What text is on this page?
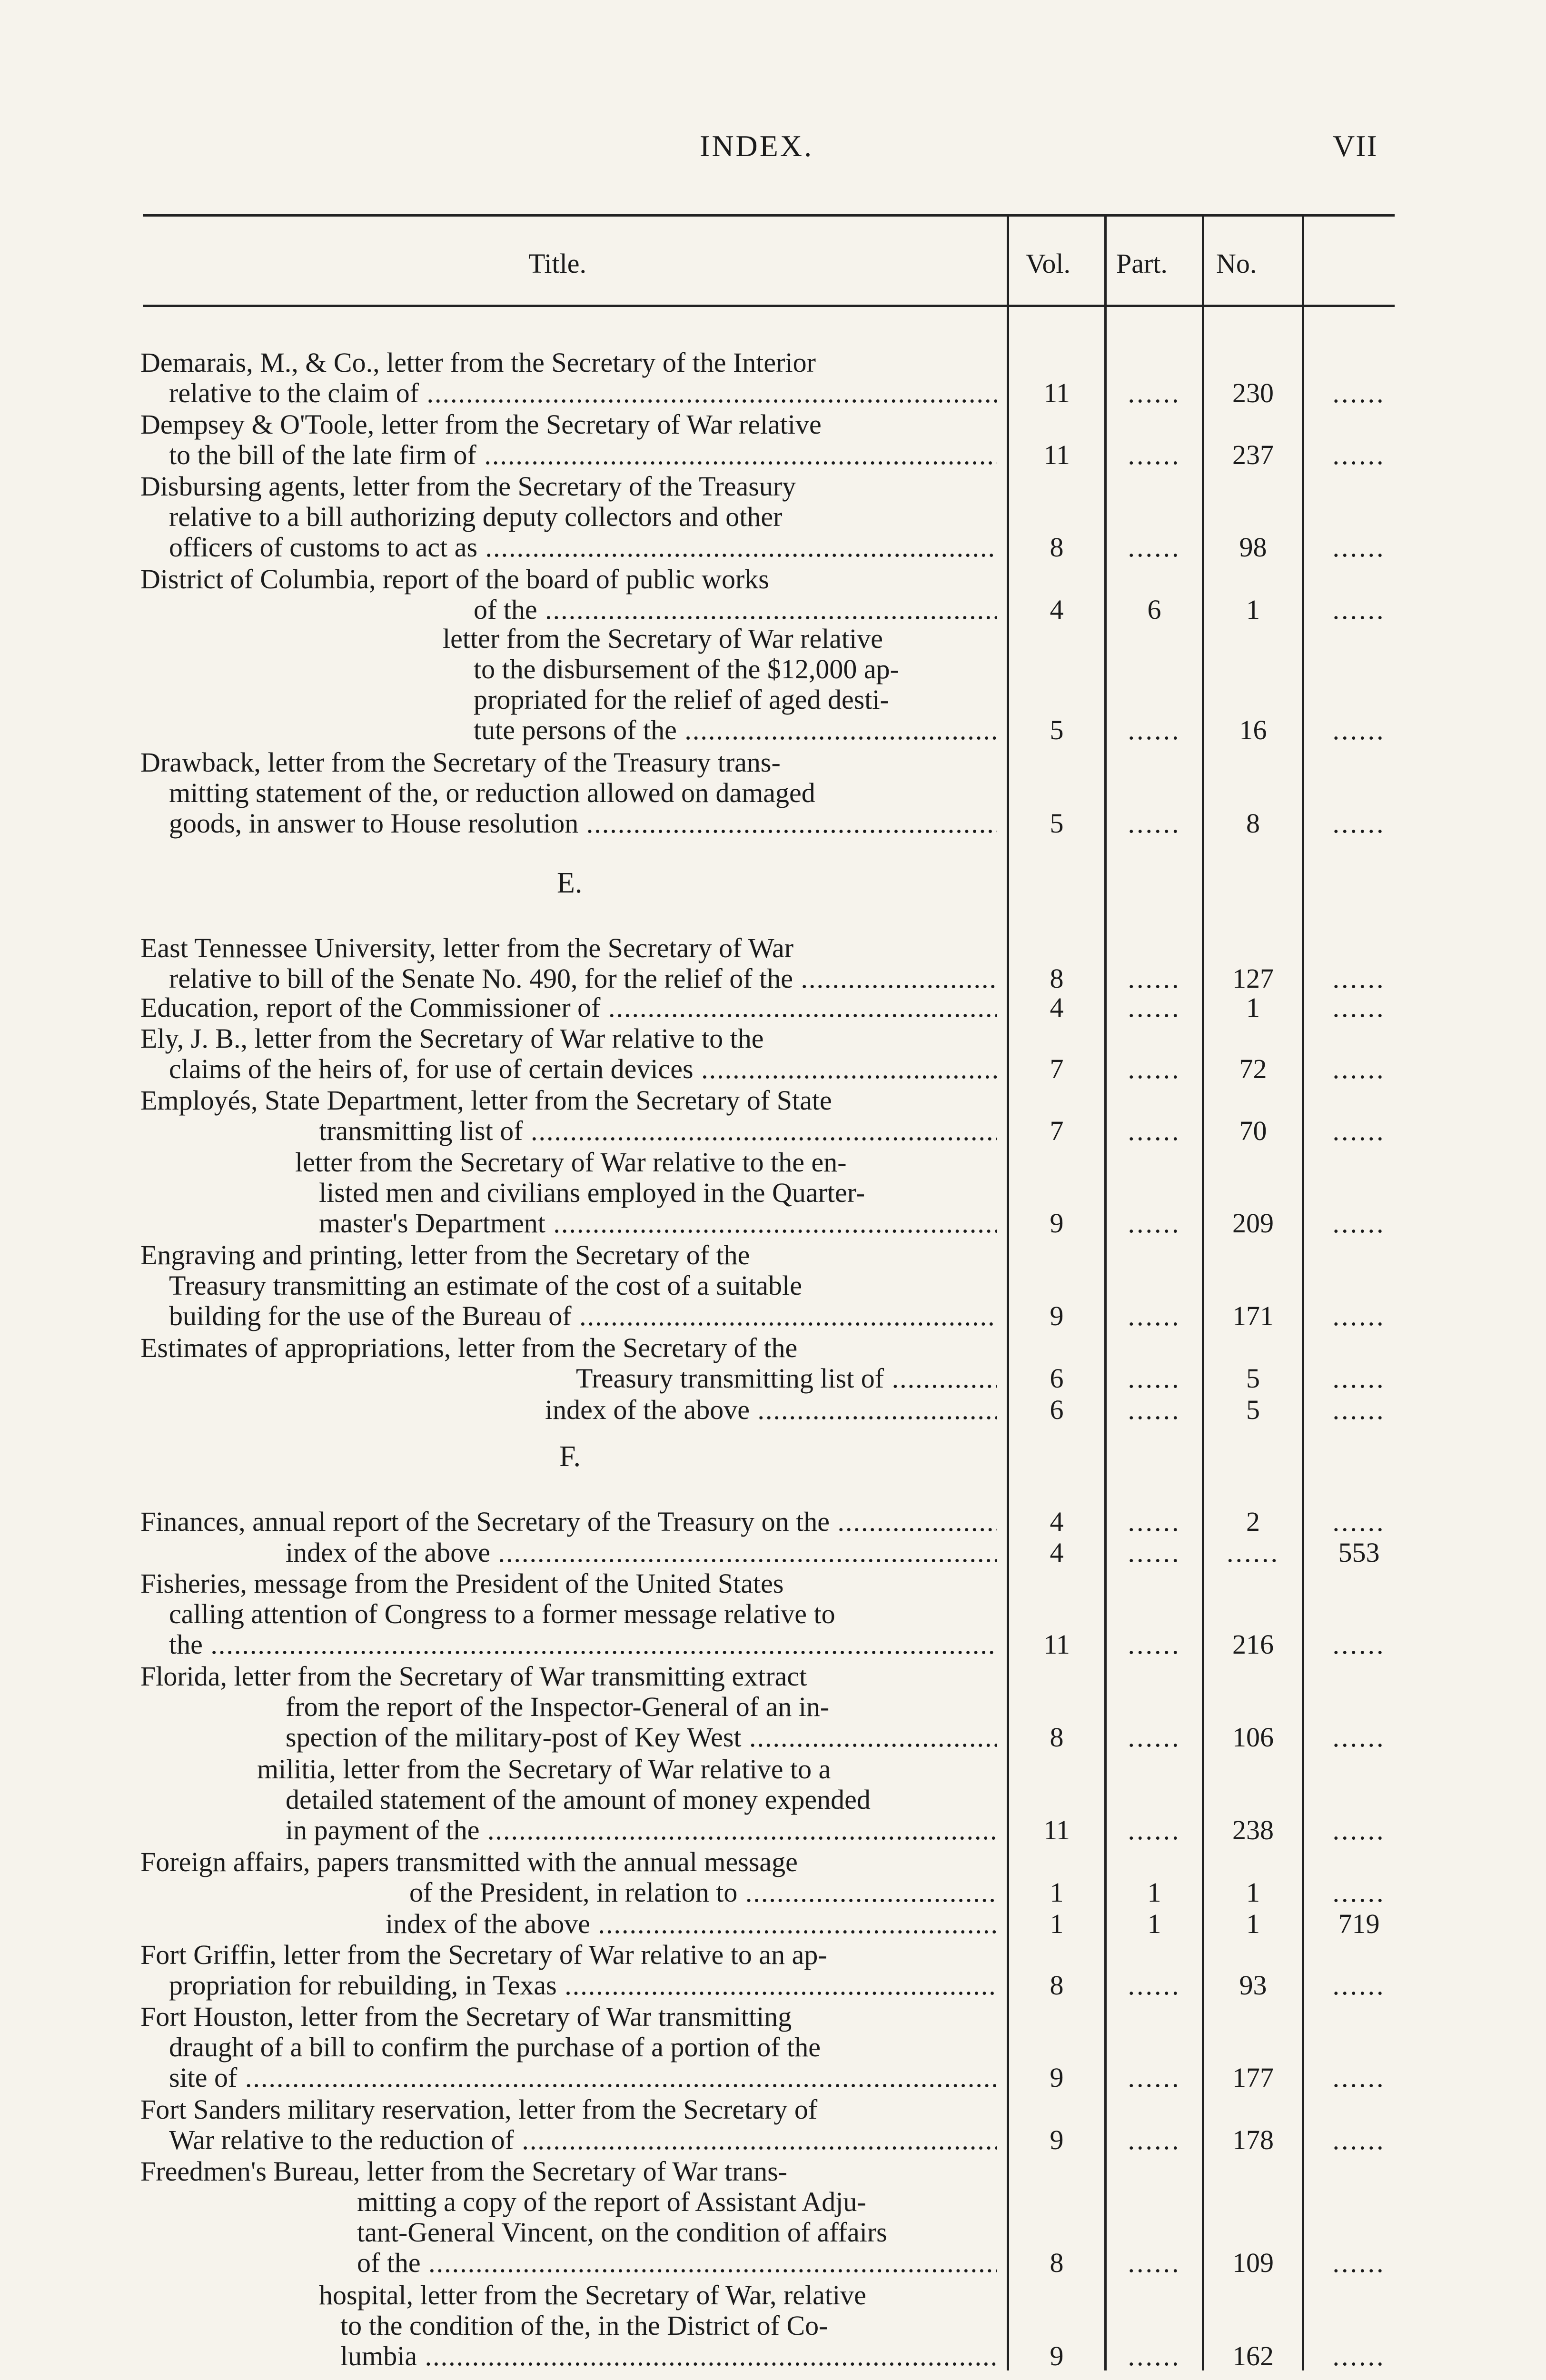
INDEX.	VII
Title.	Vol. Part. No.
E.
F.
Demarais, M., & Co., letter from the Secretary of the Interior
relative to the claim of .....	11	......	230	......
Dempsey & O'Toole, letter from the Secretary of War relative
to the bill of the late firm of .....	11	......	237	......
Disbursing agents, letter from the Secretary of the Treasury
relative to a bill authorizing deputy collectors and other
officers of customs to act as .....	8	......	98	......
District of Columbia, report of the board of public works
of the .....	4	6	1	......
letter from the Secretary of War relative
to the disbursement of the $12,000 ap-
propriated for the relief of aged desti-
tute persons of the .....	5	......	16	......
Drawback, letter from the Secretary of the Treasury trans-
mitting statement of the, or reduction allowed on damaged
goods, in answer to House resolution .....	5	......	8	......
East Tennessee University, letter from the Secretary of War
relative to bill of the Senate No. 490, for the relief of the .....	8	......	127	......
Education, report of the Commissioner of .....	4	......	1	......
Ely, J. B., letter from the Secretary of War relative to the
claims of the heirs of, for use of certain devices .....	7	......	72	......
Employés, State Department, letter from the Secretary of State
transmitting list of .....	7	......	70	......
letter from the Secretary of War relative to the en-
listed men and civilians employed in the Quarter-
master's Department .....	9	......	209	......
Engraving and printing, letter from the Secretary of the
Treasury transmitting an estimate of the cost of a suitable
building for the use of the Bureau of .....	9	......	171	......
Estimates of appropriations, letter from the Secretary of the
Treasury transmitting list of .....	6	......	5	......
index of the above .....	6	......	5	......
Finances, annual report of the Secretary of the Treasury on the .....	4	......	2	......
index of the above .....	4	......	......	553
Fisheries, message from the President of the United States
calling attention of Congress to a former message relative to
the .....	11	......	216	......
Florida, letter from the Secretary of War transmitting extract
from the report of the Inspector-General of an in-
spection of the military-post of Key West .....	8	......	106	......
militia, letter from the Secretary of War relative to a
detailed statement of the amount of money expended
in payment of the .....	11	......	238	......
Foreign affairs, papers transmitted with the annual message
of the President, in relation to .....	1	1	1	......
index of the above .....	1	1	1	719
Fort Griffin, letter from the Secretary of War relative to an ap-
propriation for rebuilding, in Texas .....	8	......	93	......
Fort Houston, letter from the Secretary of War transmitting
draught of a bill to confirm the purchase of a portion of the
site of .....	9	......	177	......
Fort Sanders military reservation, letter from the Secretary of
War relative to the reduction of .....	9	......	178	......
Freedmen's Bureau, letter from the Secretary of War trans-
mitting a copy of the report of Assistant Adju-
tant-General Vincent, on the condition of affairs
of the .....	8	......	109	......
hospital, letter from the Secretary of War, relative
to the condition of the, in the District of Co-
lumbia .....	9	......	162	......
